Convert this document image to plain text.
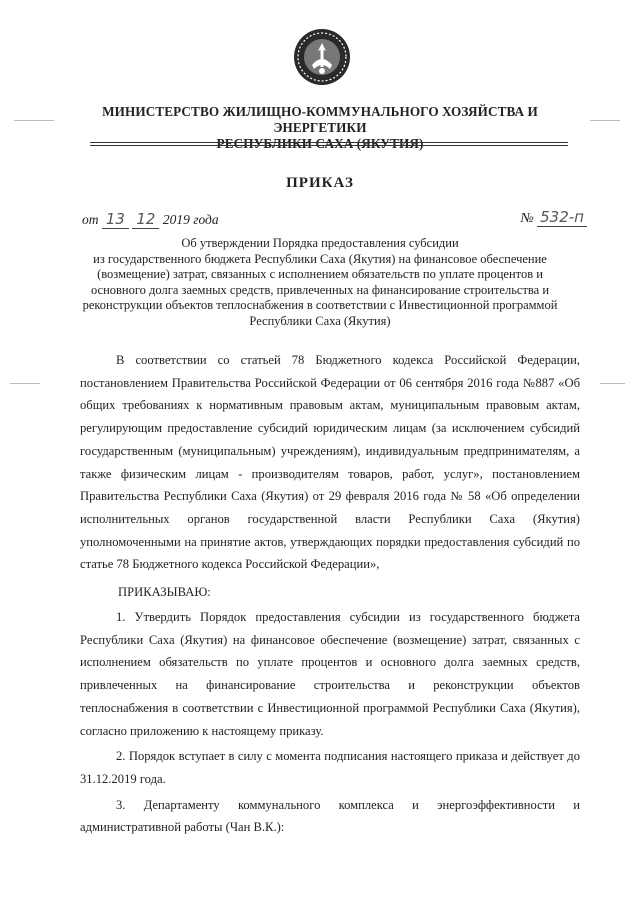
МИНИСТЕРСТВО ЖИЛИЩНО-КОММУНАЛЬНОГО ХОЗЯЙСТВА И ЭНЕРГЕТИКИ
РЕСПУБЛИКИ САХА (ЯКУТИЯ)
ПРИКАЗ
от 13 12 2019 года	№ 532-п
Об утверждении Порядка предоставления субсидии
из государственного бюджета Республики Саха (Якутия) на финансовое обеспечение
(возмещение) затрат, связанных с исполнением обязательств по уплате процентов и
основного долга заемных средств, привлеченных на финансирование строительства и
реконструкции объектов теплоснабжения в соответствии с Инвестиционной программой
Республики Саха (Якутия)

В соответствии со статьей 78 Бюджетного кодекса Российской Федерации, постановлением Правительства Российской Федерации от 06 сентября 2016 года №887 «Об общих требованиях к нормативным правовым актам, муниципальным правовым актам, регулирующим предоставление субсидий юридическим лицам (за исключением субсидий государственным (муниципальным) учреждениям), индивидуальным предпринимателям, а также физическим лицам - производителям товаров, работ, услуг», постановлением Правительства Республики Саха (Якутия) от 29 февраля 2016 года № 58 «Об определении исполнительных органов государственной власти Республики Саха (Якутия) уполномоченными на принятие актов, утверждающих порядки предоставления субсидий по статье 78 Бюджетного кодекса Российской Федерации»,

ПРИКАЗЫВАЮ:

1. Утвердить Порядок предоставления субсидии из государственного бюджета Республики Саха (Якутия) на финансовое обеспечение (возмещение) затрат, связанных с исполнением обязательств по уплате процентов и основного долга заемных средств, привлеченных на финансирование строительства и реконструкции объектов теплоснабжения в соответствии с Инвестиционной программой Республики Саха (Якутия), согласно приложению к настоящему приказу.

2. Порядок вступает в силу с момента подписания настоящего приказа и действует до 31.12.2019 года.

3. Департаменту коммунального комплекса и энергоэффективности и административной работы (Чан В.К.):
